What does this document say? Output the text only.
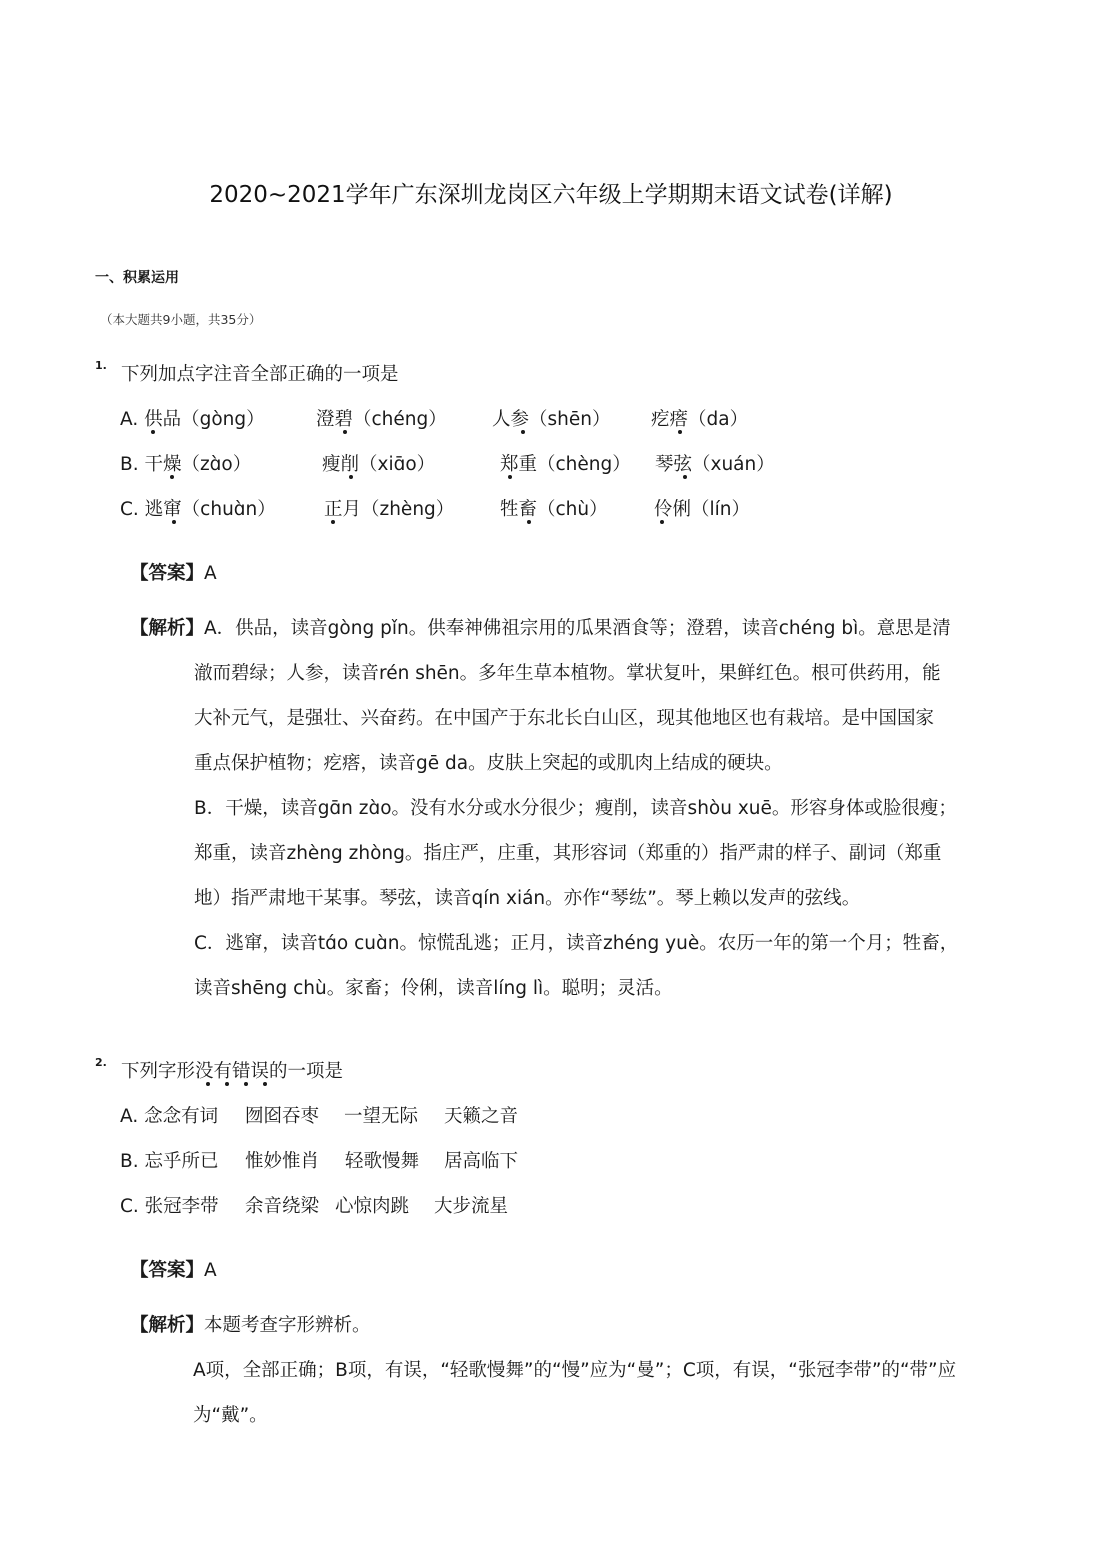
2020~2021学年广东深圳龙岗区六年级上学期期末语文试卷(详解)
一、积累运用
（本大题共9小题，共35分）
1. 下列加点字注音全部正确的一项是
A. 供品（gòng）	澄碧（chéng） 人参（shēn） 疙瘩（da）
B. 干燥（zɑ̀o）	瘦削（xiɑ̄o）	郑重（chèng） 琴弦（xuán）
C. 逃窜（chuɑ̀n）	正月（zhèng） 牲畜（chù）	伶俐（lín）
【答案】A
【解析】A．供品，读音gòng pǐn。供奉神佛祖宗用的瓜果酒食等；澄碧，读音chéng bì。意思是清
澈而碧绿；人参，读音rén shēn。多年生草本植物。掌状复叶，果鲜红色。根可供药用，能
大补元气，是强壮、兴奋药。在中国产于东北长白山区，现其他地区也有栽培。是中国国家
重点保护植物；疙瘩，读音gē da。皮肤上突起的或肌肉上结成的硬块。
B．干燥，读音gɑ̄n zɑ̀o。没有水分或水分很少；瘦削，读音shòu xuē。形容身体或脸很瘦；
郑重，读音zhèng zhòng。指庄严，庄重，其形容词（郑重的）指严肃的样子、副词（郑重
地）指严肃地干某事。琴弦，读音qín xián。亦作“琴纮”。琴上赖以发声的弦线。
C．逃窜，读音tɑ́o cuɑ̀n。惊慌乱逃；正月，读音zhéng yuè。农历一年的第一个月；牲畜，
读音shēng chù。家畜；伶俐，读音líng lì。聪明；灵活。
2. 下列字形没有错误的一项是
A. 念念有词 囫囵吞枣 一望无际 天籁之音
B. 忘乎所已 惟妙惟肖 轻歌慢舞 居高临下
C. 张冠李带 余音绕梁 心惊肉跳 大步流星
【答案】A
【解析】本题考查字形辨析。
A项，全部正确；B项，有误，“轻歌慢舞”的“慢”应为“曼”；C项，有误，“张冠李带”的“带”应
为“戴”。
